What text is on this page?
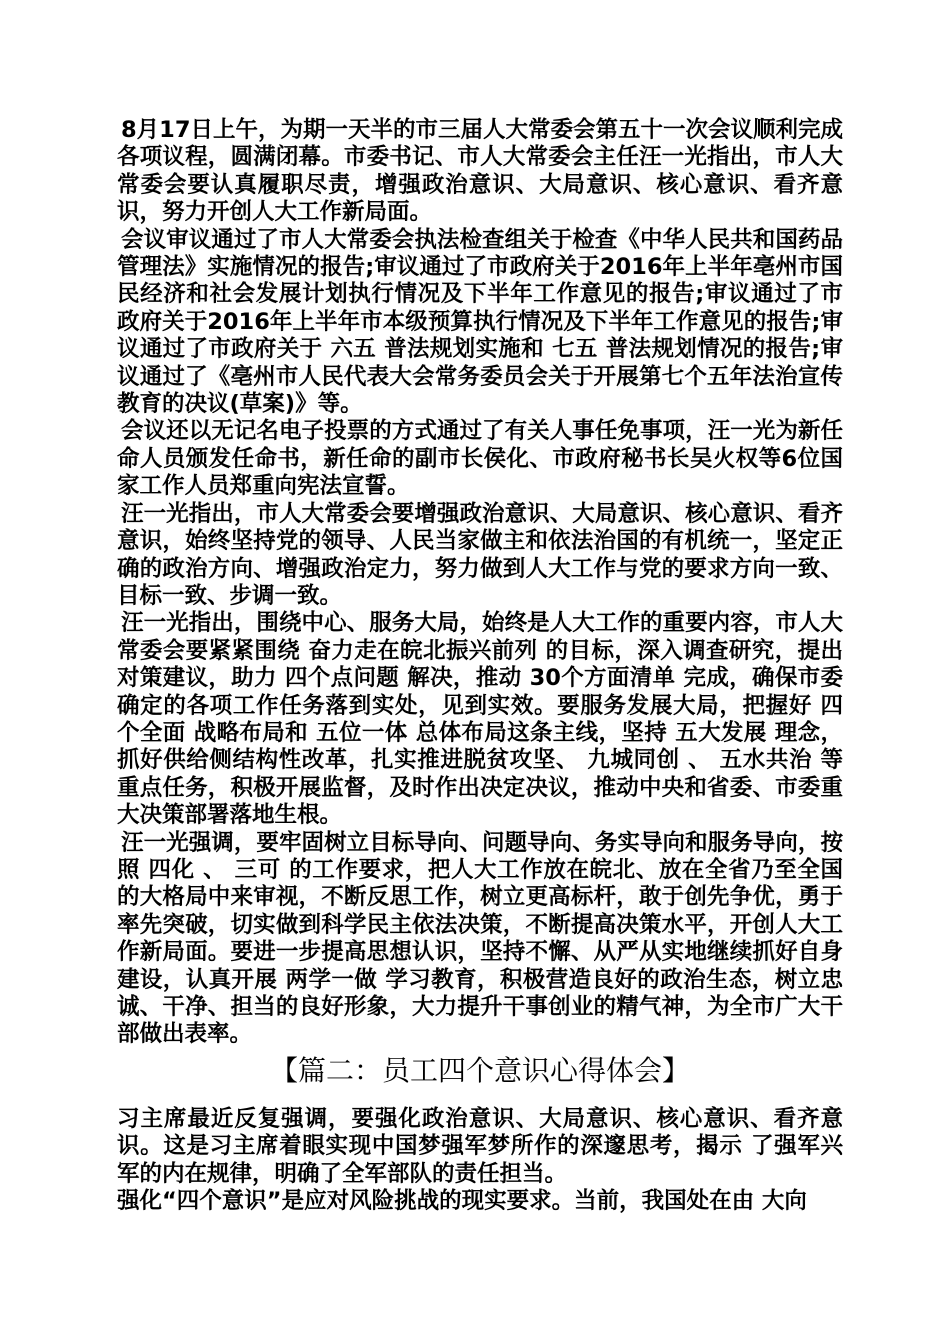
8月17日上午，为期一天半的市三届人大常委会第五十一次会议顺利完成各项议程，圆满闭幕。市委书记、市人大常委会主任汪一光指出，市人大常委会要认真履职尽责，增强政治意识、大局意识、核心意识、看齐意识，努力开创人大工作新局面。

会议审议通过了市人大常委会执法检查组关于检查《中华人民共和国药品管理法》实施情况的报告;审议通过了市政府关于2016年上半年亳州市国民经济和社会发展计划执行情况及下半年工作意见的报告;审议通过了市政府关于2016年上半年市本级预算执行情况及下半年工作意见的报告;审议通过了市政府关于 六五 普法规划实施和 七五 普法规划情况的报告;审议通过了《亳州市人民代表大会常务委员会关于开展第七个五年法治宣传教育的决议(草案)》等。

会议还以无记名电子投票的方式通过了有关人事任免事项，汪一光为新任命人员颁发任命书，新任命的副市长侯化、市政府秘书长吴火权等6位国家工作人员郑重向宪法宣誓。

汪一光指出，市人大常委会要增强政治意识、大局意识、核心意识、看齐意识，始终坚持党的领导、人民当家做主和依法治国的有机统一，坚定正确的政治方向、增强政治定力，努力做到人大工作与党的要求方向一致、目标一致、步调一致。

汪一光指出，围绕中心、服务大局，始终是人大工作的重要内容，市人大常委会要紧紧围绕 奋力走在皖北振兴前列 的目标，深入调查研究，提出对策建议，助力 四个点问题 解决，推动 30个方面清单 完成，确保市委确定的各项工作任务落到实处，见到实效。要服务发展大局，把握好 四个全面 战略布局和 五位一体 总体布局这条主线，坚持 五大发展 理念，抓好供给侧结构性改革，扎实推进脱贫攻坚、 九城同创 、 五水共治 等重点任务，积极开展监督，及时作出决定决议，推动中央和省委、市委重大决策部署落地生根。

汪一光强调，要牢固树立目标导向、问题导向、务实导向和服务导向，按照 四化 、 三可 的工作要求，把人大工作放在皖北、放在全省乃至全国的大格局中来审视，不断反思工作，树立更高标杆，敢于创先争优，勇于率先突破，切实做到科学民主依法决策，不断提高决策水平，开创人大工作新局面。要进一步提高思想认识，坚持不懈、从严从实地继续抓好自身建设，认真开展 两学一做 学习教育，积极营造良好的政治生态，树立忠诚、干净、担当的良好形象，大力提升干事创业的精气神，为全市广大干部做出表率。

【篇二：员工四个意识心得体会】

习主席最近反复强调，要强化政治意识、大局意识、核心意识、看齐意识。这是习主席着眼实现中国梦强军梦所作的深邃思考，揭示 了强军兴军的内在规律，明确了全军部队的责任担当。

强化“四个意识”是应对风险挑战的现实要求。当前，我国处在由 大向
